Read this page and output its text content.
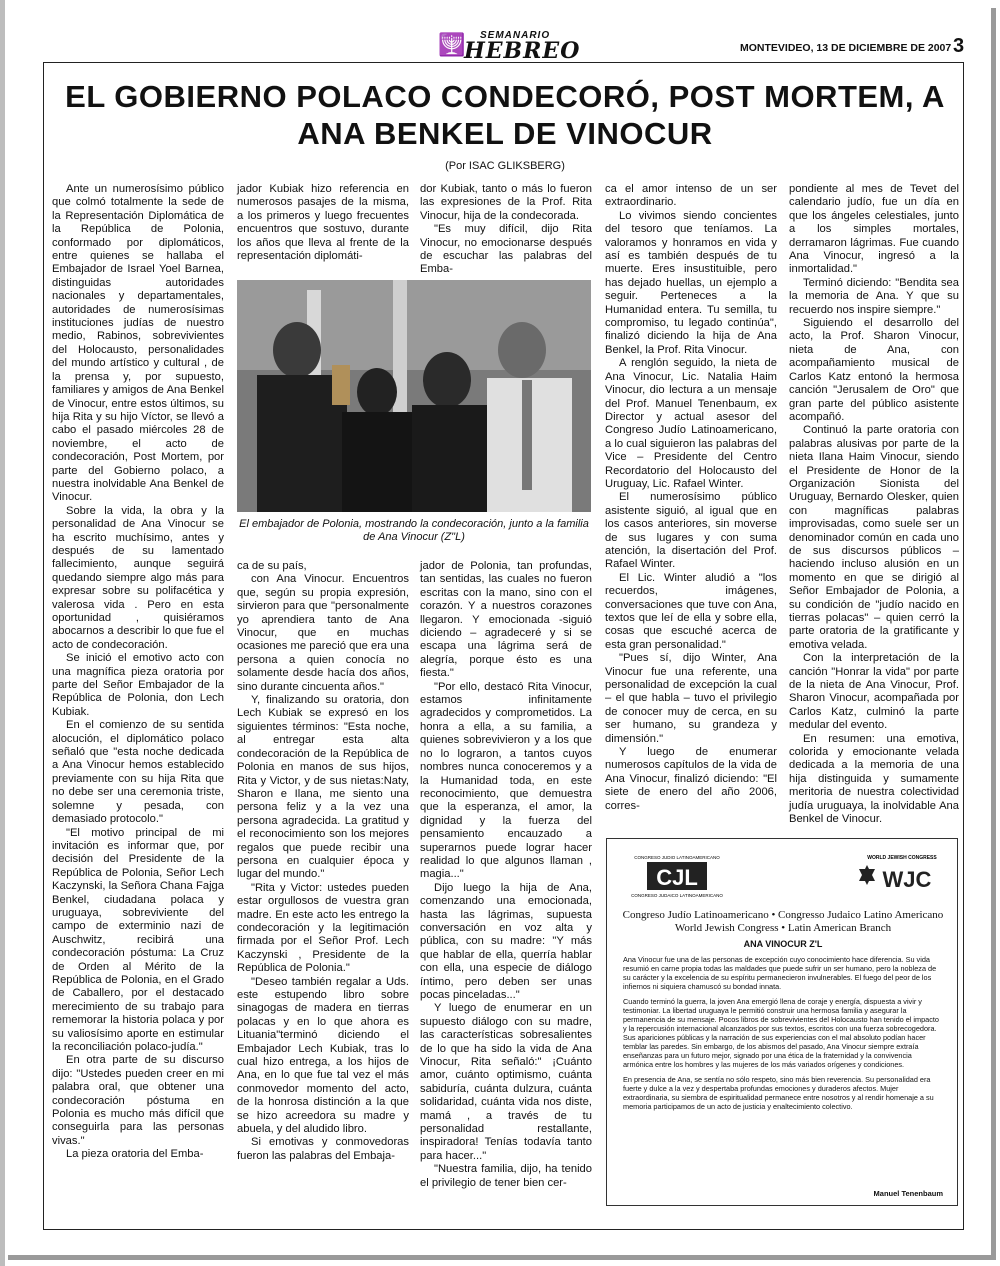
🕎 SEMANARIO
HEBREO	MONTEVIDEO, 13 DE DICIEMBRE DE 2007 3
EL GOBIERNO POLACO CONDECORÓ, POST MORTEM, A ANA BENKEL DE VINOCUR
(Por ISAC GLIKSBERG)

Ante un numerosísimo público que colmó totalmente la sede de la Representación Diplomática de la República de Polonia, conformado por diplomáticos, entre quienes se hallaba el Embajador de Israel Yoel Barnea, distinguidas autoridades nacionales y departamentales, autoridades de numerosísimas instituciones judías de nuestro medio, Rabinos, sobrevivientes del Holocausto, personalidades del mundo artístico y cultural , de la prensa y, por supuesto, familiares y amigos de Ana Benkel de Vinocur, entre estos últimos, su hija Rita y su hijo Víctor, se llevó a cabo el pasado miércoles 28 de noviembre, el acto de condecoración, Post Mortem, por parte del Gobierno polaco, a nuestra inolvidable Ana Benkel de Vinocur.

Sobre la vida, la obra y la personalidad de Ana Vinocur se ha escrito muchísimo, antes y después de su lamentado fallecimiento, aunque seguirá quedando siempre algo más para expresar sobre su polifacética y valerosa vida . Pero en esta oportunidad , quisiéramos abocarnos a describir lo que fue el acto de condecoración.

Se inició el emotivo acto con una magnífica pieza oratoria por parte del Señor Embajador de la República de Polonia, don Lech Kubiak.

En el comienzo de su sentida alocución, el diplomático polaco señaló que "esta noche dedicada a Ana Vinocur hemos establecido previamente con su hija Rita que no debe ser una ceremonia triste, solemne y pesada, con demasiado protocolo."

"El motivo principal de mi invitación es informar que, por decisión del Presidente de la República de Polonia, Señor Lech Kaczynski, la Señora Chana Fajga Benkel, ciudadana polaca y uruguaya, sobreviviente del campo de exterminio nazi de Auschwitz, recibirá una condecoración póstuma: La Cruz de Orden al Mérito de la República de Polonia, en el Grado de Caballero, por el destacado merecimiento de su trabajo para rememorar la historia polaca y por su valiosísimo aporte en estimular la reconciliación polaco-judía."

En otra parte de su discurso dijo: "Ustedes pueden creer en mi palabra oral, que obtener una condecoración póstuma en Polonia es mucho más difícil que conseguirla para las personas vivas."

La pieza oratoria del Emba-

jador Kubiak hizo referencia en numerosos pasajes de la misma, a los primeros y luego frecuentes encuentros que sostuvo, durante los años que lleva al frente de la representación diplomáti-

dor Kubiak, tanto o más lo fueron las expresiones de la Prof. Rita Vinocur, hija de la condecorada.

"Es muy difícil, dijo Rita Vinocur, no emocionarse después de escuchar las palabras del Emba-

El embajador de Polonia, mostrando la condecoración, junto a la familia de Ana Vinocur (Z"L)

ca de su país,

con Ana Vinocur. Encuentros que, según su propia expresión, sirvieron para que "personalmente yo aprendiera tanto de Ana Vinocur, que en muchas ocasiones me pareció que era una persona a quien conocía no solamente desde hacía dos años, sino durante cincuenta años."

Y, finalizando su oratoria, don Lech Kubiak se expresó en los siguientes términos: "Esta noche, al entregar esta alta condecoración de la República de Polonia en manos de sus hijos, Rita y Victor, y de sus nietas:Naty, Sharon e Ilana, me siento una persona feliz y a la vez una persona agradecida. La gratitud y el reconocimiento son los mejores regalos que puede recibir una persona en cualquier época y lugar del mundo."

"Rita y Victor: ustedes pueden estar orgullosos de vuestra gran madre. En este acto les entrego la condecoración y la legitimación firmada por el Señor Prof. Lech Kaczynski , Presidente de la República de Polonia."

"Deseo también regalar a Uds. este estupendo libro sobre sinagogas de madera en tierras polacas y en lo que ahora es Lituania"terminó diciendo el Embajador Lech Kubiak, tras lo cual hizo entrega, a los hijos de Ana, en lo que fue tal vez el más conmovedor momento del acto, de la honrosa distinción a la que se hizo acreedora su madre y abuela, y del aludido libro.

Si emotivas y conmovedoras fueron las palabras del Embaja-

jador de Polonia, tan profundas, tan sentidas, las cuales no fueron escritas con la mano, sino con el corazón. Y a nuestros corazones llegaron. Y emocionada -siguió diciendo – agradeceré y si se escapa una lágrima será de alegría, porque ésto es una fiesta."

"Por ello, destacó Rita Vinocur, estamos infinitamente agradecidos y comprometidos. La honra a ella, a su familia, a quienes sobrevivieron y a los que no lo lograron, a tantos cuyos nombres nunca conoceremos y a la Humanidad toda, en este reconocimiento, que demuestra que la esperanza, el amor, la dignidad y la fuerza del pensamiento encauzado a superarnos puede lograr hacer realidad lo que algunos llaman , magia..."

Dijo luego la hija de Ana, comenzando una emocionada, hasta las lágrimas, supuesta conversación en voz alta y pública, con su madre: "Y más que hablar de ella, querría hablar con ella, una especie de diálogo íntimo, pero deben ser unas pocas pinceladas..."

Y luego de enumerar en un supuesto diálogo con su madre, las características sobresalientes de lo que ha sido la vida de Ana Vinocur, Rita señaló:" ¡Cuánto amor, cuánto optimismo, cuánta sabiduría, cuánta dulzura, cuánta solidaridad, cuánta vida nos diste, mamá , a través de tu personalidad restallante, inspiradora! Tenías todavía tanto para hacer..."

"Nuestra familia, dijo, ha tenido el privilegio de tener bien cer-

ca el amor intenso de un ser extraordinario.

Lo vivimos siendo concientes del tesoro que teníamos. La valoramos y honramos en vida y así es también después de tu muerte. Eres insustituible, pero has dejado huellas, un ejemplo a seguir. Perteneces a la Humanidad entera. Tu semilla, tu compromiso, tu legado continúa", finalizó diciendo la hija de Ana Benkel, la Prof. Rita Vinocur.

A renglón seguido, la nieta de Ana Vinocur, Lic. Natalia Haim Vinocur, dio lectura a un mensaje del Prof. Manuel Tenenbaum, ex Director y actual asesor del Congreso Judío Latinoamericano, a lo cual siguieron las palabras del Vice – Presidente del Centro Recordatorio del Holocausto del Uruguay, Lic. Rafael Winter.

El numerosísimo público asistente siguió, al igual que en los casos anteriores, sin moverse de sus lugares y con suma atención, la disertación del Prof. Rafael Winter.

El Lic. Winter aludió a "los recuerdos, imágenes, conversaciones que tuve con Ana, textos que leí de ella y sobre ella, cosas que escuché acerca de esta gran personalidad."

"Pues sí, dijo Winter, Ana Vinocur fue una referente, una personalidad de excepción la cual – el que habla – tuvo el privilegio de conocer muy de cerca, en su ser humano, su grandeza y dimensión."

Y luego de enumerar numerosos capítulos de la vida de Ana Vinocur, finalizó diciendo: "El siete de enero del año 2006, corres-

pondiente al mes de Tevet del calendario judío, fue un día en que los ángeles celestiales, junto a los simples mortales, derramaron lágrimas. Fue cuando Ana Vinocur, ingresó a la inmortalidad."

Terminó diciendo: "Bendita sea la memoria de Ana. Y que su recuerdo nos inspire siempre."

Siguiendo el desarrollo del acto, la Prof. Sharon Vinocur, nieta de Ana, con acompañamiento musical de Carlos Katz entonó la hermosa canción "Jerusalem de Oro" que gran parte del público asistente acompañó.

Continuó la parte oratoria con palabras alusivas por parte de la nieta Ilana Haim Vinocur, siendo el Presidente de Honor de la Organización Sionista del Uruguay, Bernardo Olesker, quien con magníficas palabras improvisadas, como suele ser un denominador común en cada uno de sus discursos públicos –haciendo incluso alusión en un momento en que se dirigió al Señor Embajador de Polonia, a su condición de "judío nacido en tierras polacas" – quien cerró la parte oratoria de la gratificante y emotiva velada.

Con la interpretación de la canción "Honrar la vida" por parte de la nieta de Ana Vinocur, Prof. Sharon Vinocur, acompañada por Carlos Katz, culminó la parte medular del evento.

En resumen: una emotiva, colorida y emocionante velada dedicada a la memoria de una hija distinguida y sumamente meritoria de nuestra colectividad judía uruguaya, la inolvidable Ana Benkel de Vinocur.

CONGRESO JUDIO LATINOAMERICANO
CJL
CONGRESO JUDAICO LATINOAMERICANO
WORLD JEWISH CONGRESS
WJC
Congreso Judío Latinoamericano • Congresso Judaico Latino Americano
World Jewish Congress • Latin American Branch
ANA VINOCUR Z'L

Ana Vinocur fue una de las personas de excepción cuyo conocimiento hace diferencia. Su vida resumió en carne propia todas las maldades que puede sufrir un ser humano, pero la nobleza de su carácter y la excelencia de su espíritu permanecieron invulnerables. El fuego del peor de los infiernos ni siquiera chamuscó su bondad innata.

Cuando terminó la guerra, la joven Ana emergió llena de coraje y energía, dispuesta a vivir y testimoniar. La libertad uruguaya le permitió construir una hermosa familia y asegurar la permanencia de su mensaje. Pocos libros de sobrevivientes del Holocausto han tenido el impacto y la repercusión internacional alcanzados por sus textos, escritos con una fuerza sobrecogedora. Sus apariciones públicas y la narración de sus experiencias con el mal absoluto podían hacer temblar las paredes. Sin embargo, de los abismos del pasado, Ana Vinocur siempre extraía enseñanzas para un futuro mejor, signado por una ética de la fraternidad y la convivencia armónica entre los hombres y las mujeres de los más variados orígenes y condiciones.

En presencia de Ana, se sentía no sólo respeto, sino más bien reverencia. Su personalidad era fuerte y dulce a la vez y despertaba profundas emociones y duraderos afectos. Mujer extraordinaria, su siembra de espiritualidad permanece entre nosotros y al rendir homenaje a su memoria participamos de un acto de justicia y enaltecimiento colectivo.

Manuel Tenenbaum
